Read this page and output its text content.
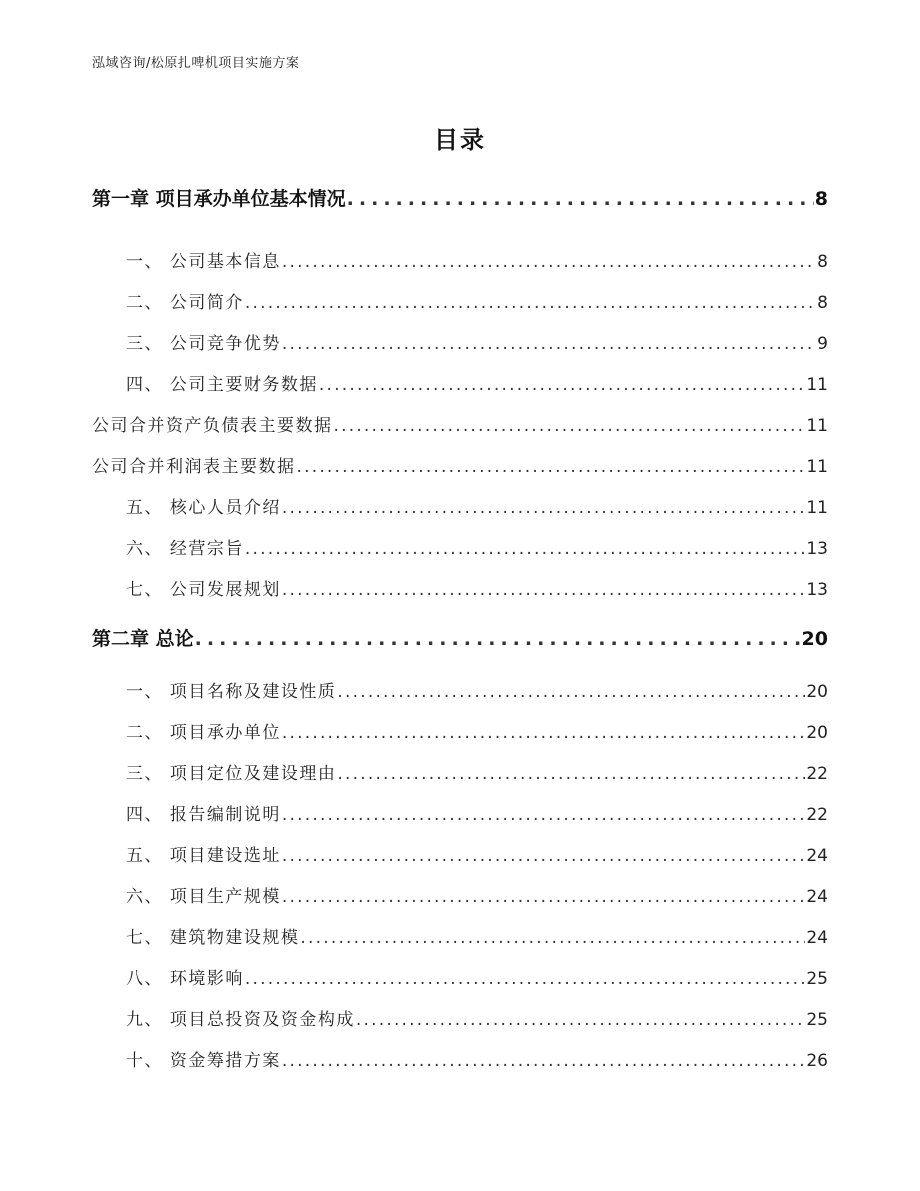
泓域咨询/松原扎啤机项目实施方案
目录
第一章 项目承办单位基本情况 . . .	8
一、 公司基本信息 . . .	8
二、 公司简介 . . .	8
三、 公司竞争优势 . . .	9
四、 公司主要财务数据 . . .	11
公司合并资产负债表主要数据 . . .	11
公司合并利润表主要数据 . . .	11
五、 核心人员介绍 . . .	11
六、 经营宗旨 . . .	13
七、 公司发展规划 . . .	13
第二章 总论 . . .	20
一、 项目名称及建设性质 . . .	20
二、 项目承办单位 . . .	20
三、 项目定位及建设理由 . . .	22
四、 报告编制说明 . . .	22
五、 项目建设选址 . . .	24
六、 项目生产规模 . . .	24
七、 建筑物建设规模 . . .	24
八、 环境影响 . . .	25
九、 项目总投资及资金构成 . . .	25
十、 资金筹措方案 . . .	26
